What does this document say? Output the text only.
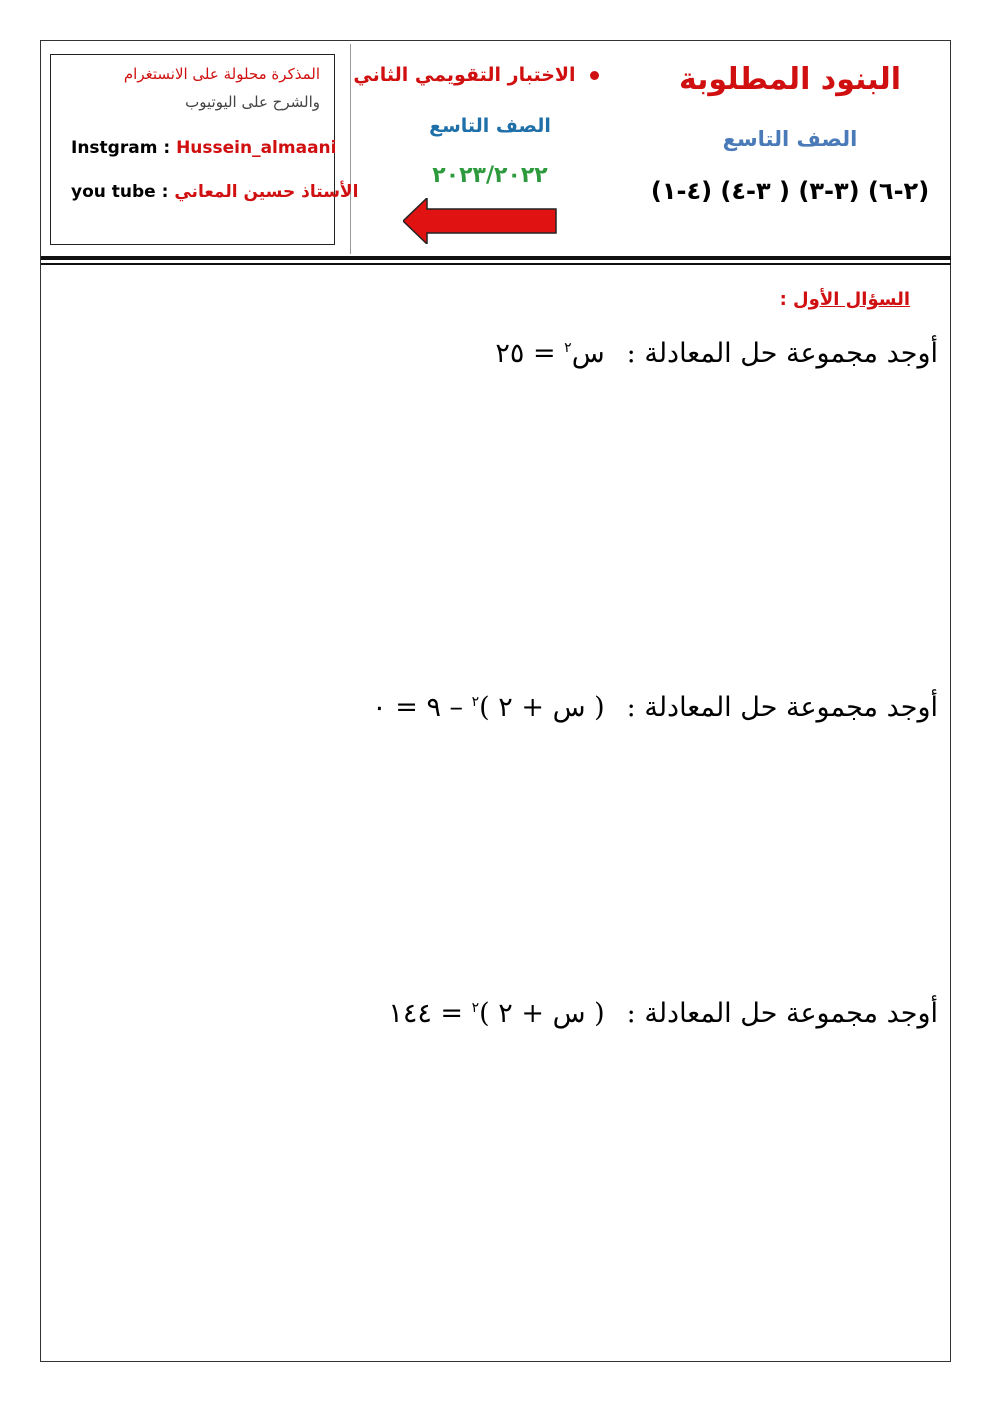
المذكرة محلولة على الانستغرام
والشرح على اليوتيوب
Instgram : Hussein_almaani
you tube : الأستاذ حسين المعاني
الاختبار التقويمي الثاني
الصف التاسع
٢٠٢٣/٢٠٢٢
البنود المطلوبة
الصف التاسع
(٢-٦) (٣-٣) ( ٣-٤) (٤-١)
السؤال الأول :
أوجد مجموعة حل المعادلة :س$^٢$ = ٢٥
أوجد مجموعة حل المعادلة :( س + ٢ )$^٢$ – ٩ = ٠
أوجد مجموعة حل المعادلة :( س + ٢ )$^٢$ = ١٤٤
